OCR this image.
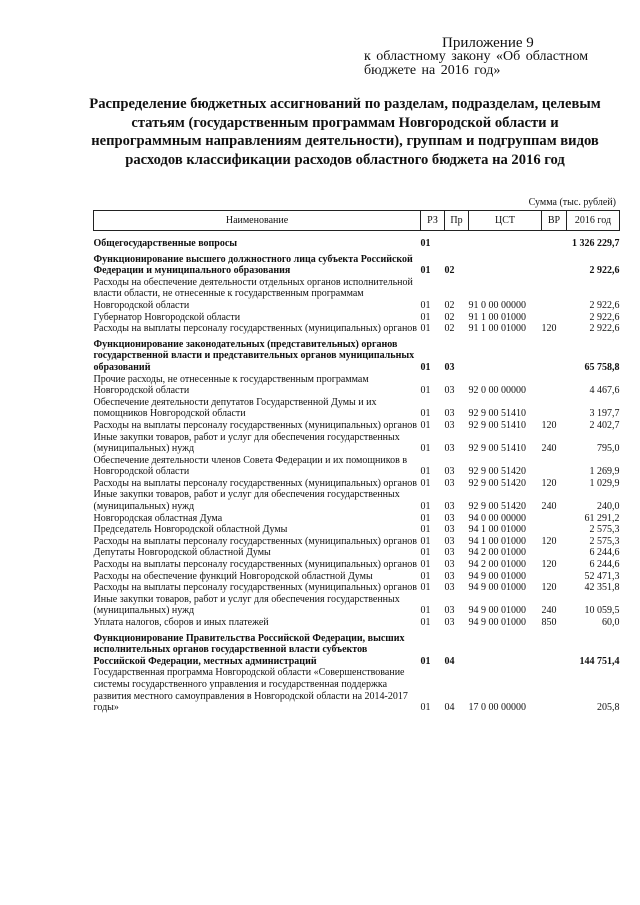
Приложение 9
к областному закону «Об областном
бюджете на 2016 год»
Распределение бюджетных ассигнований по разделам, подразделам, целевым статьям (государственным программам Новгородской области и непрограммным направлениям деятельности), группам и подгруппам видов расходов классификации расходов областного бюджета на 2016 год
Сумма (тыс. рублей)
Наименование	РЗ	Пр	ЦСТ	ВР	2016 год

Общегосударственные вопросы	01				1 326 229,7
Функционирование высшего должностного лица субъекта Российской Федерации и муниципального образования	01	02			2 922,6
Расходы на обеспечение деятельности отдельных органов исполнительной власти области, не отнесенные к государственным программам Новгородской области	01	02	91 0 00 00000		2 922,6
Губернатор Новгородской области	01	02	91 1 00 01000		2 922,6
Расходы на выплаты персоналу государственных (муниципальных) органов	01	02	91 1 00 01000	120	2 922,6
Функционирование законодательных (представительных) органов государственной власти и представительных органов муниципальных образований	01	03			65 758,8
Прочие расходы, не отнесенные к государственным программам Новгородской области	01	03	92 0 00 00000		4 467,6
Обеспечение деятельности депутатов Государственной Думы и их помощников Новгородской области	01	03	92 9 00 51410		3 197,7
Расходы на выплаты персоналу государственных (муниципальных) органов	01	03	92 9 00 51410	120	2 402,7
Иные закупки товаров, работ и услуг для обеспечения государственных (муниципальных) нужд	01	03	92 9 00 51410	240	795,0
Обеспечение деятельности членов Совета Федерации и их помощников в Новгородской области	01	03	92 9 00 51420		1 269,9
Расходы на выплаты персоналу государственных (муниципальных) органов	01	03	92 9 00 51420	120	1 029,9
Иные закупки товаров, работ и услуг для обеспечения государственных (муниципальных) нужд	01	03	92 9 00 51420	240	240,0
Новгородская областная Дума	01	03	94 0 00 00000		61 291,2
Председатель Новгородской областной Думы	01	03	94 1 00 01000		2 575,3
Расходы на выплаты персоналу государственных (муниципальных) органов	01	03	94 1 00 01000	120	2 575,3
Депутаты Новгородской областной Думы	01	03	94 2 00 01000		6 244,6
Расходы на выплаты персоналу государственных (муниципальных) органов	01	03	94 2 00 01000	120	6 244,6
Расходы на обеспечение функций Новгородской областной Думы	01	03	94 9 00 01000		52 471,3
Расходы на выплаты персоналу государственных (муниципальных) органов	01	03	94 9 00 01000	120	42 351,8
Иные закупки товаров, работ и услуг для обеспечения государственных (муниципальных) нужд	01	03	94 9 00 01000	240	10 059,5
Уплата налогов, сборов и иных платежей	01	03	94 9 00 01000	850	60,0
Функционирование Правительства Российской Федерации, высших исполнительных органов государственной власти субъектов Российской Федерации, местных администраций	01	04			144 751,4
Государственная программа Новгородской области «Совершенствование системы государственного управления и государственная поддержка развития местного самоуправления в Новгородской области на 2014-2017 годы»	01	04	17 0 00 00000		205,8
